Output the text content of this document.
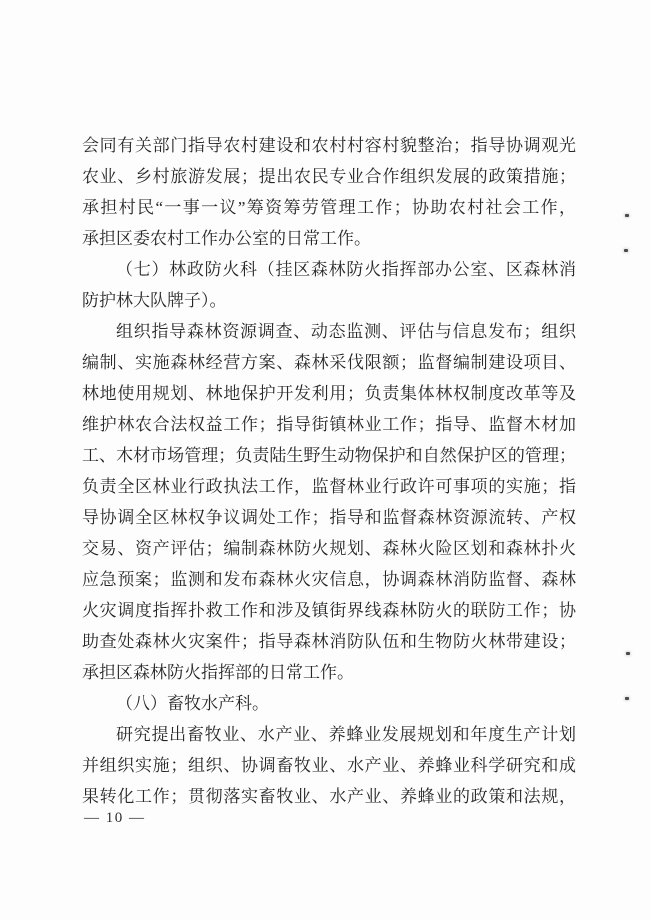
会同有关部门指导农村建设和农村村容村貌整治；指导协调观光
农业、乡村旅游发展；提出农民专业合作组织发展的政策措施；
承担村民“一事一议”筹资筹劳管理工作；协助农村社会工作，
承担区委农村工作办公室的日常工作。
（七）林政防火科（挂区森林防火指挥部办公室、区森林消
防护林大队牌子）。
组织指导森林资源调查、动态监测、评估与信息发布；组织
编制、实施森林经营方案、森林采伐限额；监督编制建设项目、
林地使用规划、林地保护开发利用；负责集体林权制度改革等及
维护林农合法权益工作；指导街镇林业工作；指导、监督木材加
工、木材市场管理；负责陆生野生动物保护和自然保护区的管理；
负责全区林业行政执法工作，监督林业行政许可事项的实施；指
导协调全区林权争议调处工作；指导和监督森林资源流转、产权
交易、资产评估；编制森林防火规划、森林火险区划和森林扑火
应急预案；监测和发布森林火灾信息，协调森林消防监督、森林
火灾调度指挥扑救工作和涉及镇街界线森林防火的联防工作；协
助查处森林火灾案件；指导森林消防队伍和生物防火林带建设；
承担区森林防火指挥部的日常工作。
（八）畜牧水产科。
研究提出畜牧业、水产业、养蜂业发展规划和年度生产计划
并组织实施；组织、协调畜牧业、水产业、养蜂业科学研究和成
果转化工作；贯彻落实畜牧业、水产业、养蜂业的政策和法规，
— 10 —
